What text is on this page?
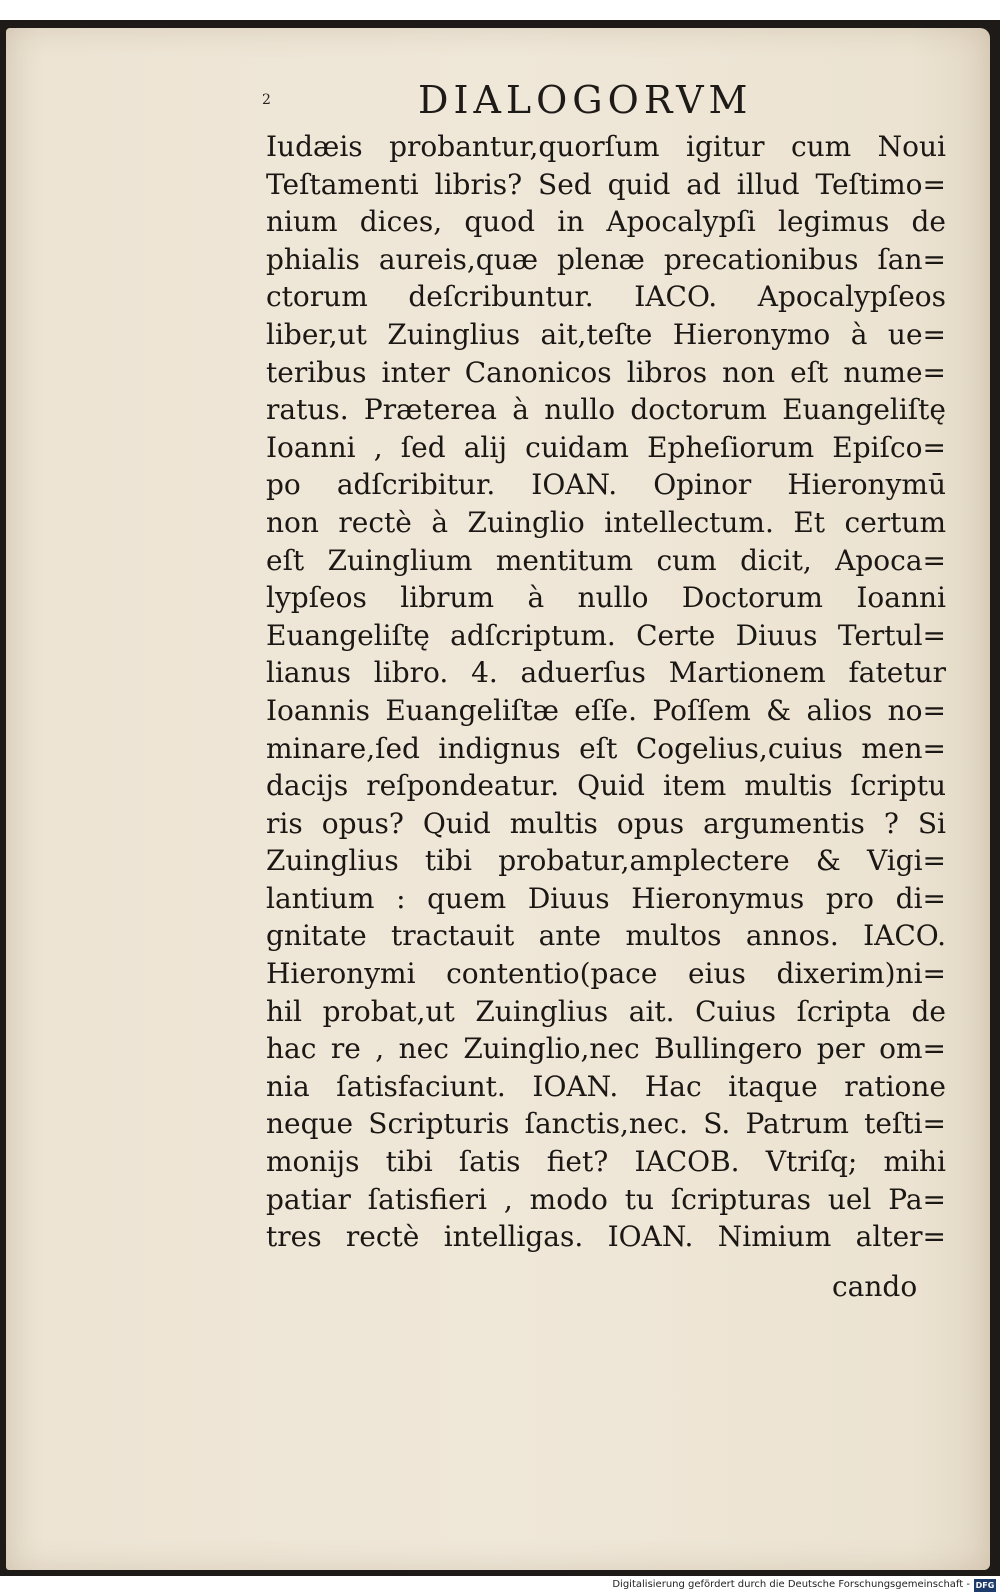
2	DIALOGORVM
Iudæis probantur,quorſum igitur cum Noui
Teſtamenti libris? Sed quid ad illud Teſtimo=
nium dices, quod in Apocalypſi legimus de
phialis aureis,quæ plenæ precationibus ſan=
ctorum deſcribuntur. IACO. Apocalypſeos
liber,ut Zuinglius ait,teſte Hieronymo à ue=
teribus inter Canonicos libros non eſt nume=
ratus. Præterea à nullo doctorum Euangeliſtę
Ioanni , ſed alij cuidam Epheſiorum Epiſco=
po adſcribitur. IOAN. Opinor Hieronymū
non rectè à Zuinglio intellectum. Et certum
eſt Zuinglium mentitum cum dicit, Apoca=
lypſeos librum à nullo Doctorum Ioanni
Euangeliſtę adſcriptum. Certe Diuus Tertul=
lianus libro. 4. aduerſus Martionem fatetur
Ioannis Euangeliſtæ eſſe. Poſſem & alios no=
minare,ſed indignus eſt Cogelius,cuius men=
dacijs reſpondeatur. Quid item multis ſcriptu
ris opus? Quid multis opus argumentis ? Si
Zuinglius tibi probatur,amplectere & Vigi=
lantium : quem Diuus Hieronymus pro di=
gnitate tractauit ante multos annos. IACO.
Hieronymi contentio(pace eius dixerim)ni=
hil probat,ut Zuinglius ait. Cuius ſcripta de
hac re , nec Zuinglio,nec Bullingero per om=
nia ſatisfaciunt. IOAN. Hac itaque ratione
neque Scripturis ſanctis,nec. S. Patrum teſti=
monijs tibi ſatis fiet? IACOB. Vtriſq; mihi
patiar ſatisfieri , modo tu ſcripturas uel Pa=
tres rectè intelligas. IOAN. Nimium alter=
cando
Digitalisierung gefördert durch die Deutsche Forschungsgemeinschaft - DFG
